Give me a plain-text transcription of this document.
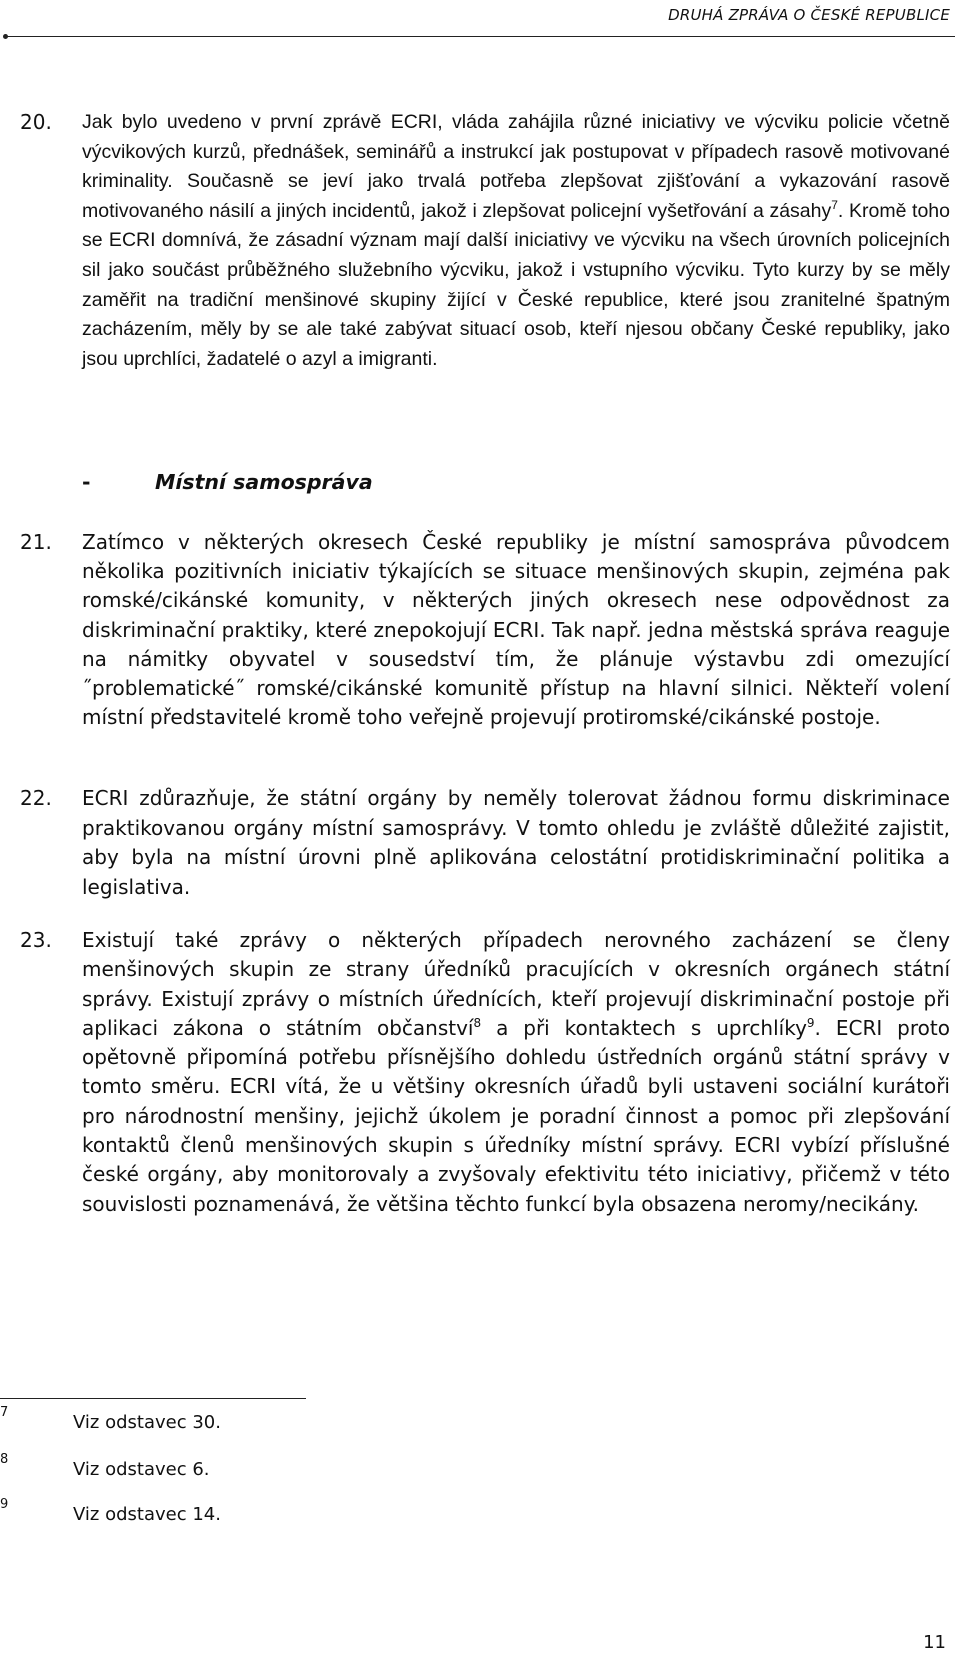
DRUHÁ ZPRÁVA O ČESKÉ REPUBLICE
20. Jak bylo uvedeno v první zprávě ECRI, vláda zahájila různé iniciativy ve výcviku policie včetně výcvikových kurzů, přednášek, seminářů a instrukcí jak postupovat v případech rasově motivované kriminality. Současně se jeví jako trvalá potřeba zlepšovat zjišťování a vykazování rasově motivovaného násilí a jiných incidentů, jakož i zlepšovat policejní vyšetřování a zásahy$^7$. Kromě toho se ECRI domnívá, že zásadní význam mají další iniciativy ve výcviku na všech úrovních policejních sil jako součást průběžného služebního výcviku, jakož i vstupního výcviku. Tyto kurzy by se měly zaměřit na tradiční menšinové skupiny žijící v České republice, které jsou zranitelné špatným zacházením, měly by se ale také zabývat situací osob, kteří njesou občany České republiky, jako jsou uprchlíci, žadatelé o azyl a imigranti.
-	Místní samospráva
21. Zatímco v některých okresech České republiky je místní samospráva původcem několika pozitivních iniciativ týkajících se situace menšinových skupin, zejména pak romské/cikánské komunity, v některých jiných okresech nese odpovědnost za diskriminační praktiky, které znepokojují ECRI. Tak např. jedna městská správa reaguje na námitky obyvatel v sousedství tím, že plánuje výstavbu zdi omezující ˝problematické˝ romské/cikánské komunitě přístup na hlavní silnici. Někteří volení místní představitelé kromě toho veřejně projevují protiromské/cikánské postoje.
22. ECRI zdůrazňuje, že státní orgány by neměly tolerovat žádnou formu diskriminace praktikovanou orgány místní samosprávy. V tomto ohledu je zvláště důležité zajistit, aby byla na místní úrovni plně aplikována celostátní protidiskriminační politika a legislativa.
23. Existují také zprávy o některých případech nerovného zacházení se členy menšinových skupin ze strany úředníků pracujících v okresních orgánech státní správy. Existují zprávy o místních úřednících, kteří projevují diskriminační postoje při aplikaci zákona o státním občanství$^8$ a při kontaktech s uprchlíky$^9$. ECRI proto opětovně připomíná potřebu přísnějšího dohledu ústředních orgánů státní správy v tomto směru. ECRI vítá, že u většiny okresních úřadů byli ustaveni sociální kurátoři pro národnostní menšiny, jejichž úkolem je poradní činnost a pomoc při zlepšování kontaktů členů menšinových skupin s úředníky místní správy. ECRI vybízí příslušné české orgány, aby monitorovaly a zvyšovaly efektivitu této iniciativy, přičemž v této souvislosti poznamenává, že většina těchto funkcí byla obsazena neromy/necikány.
7	Viz odstavec 30.
8	Viz odstavec 6.
9	Viz odstavec 14.
11
